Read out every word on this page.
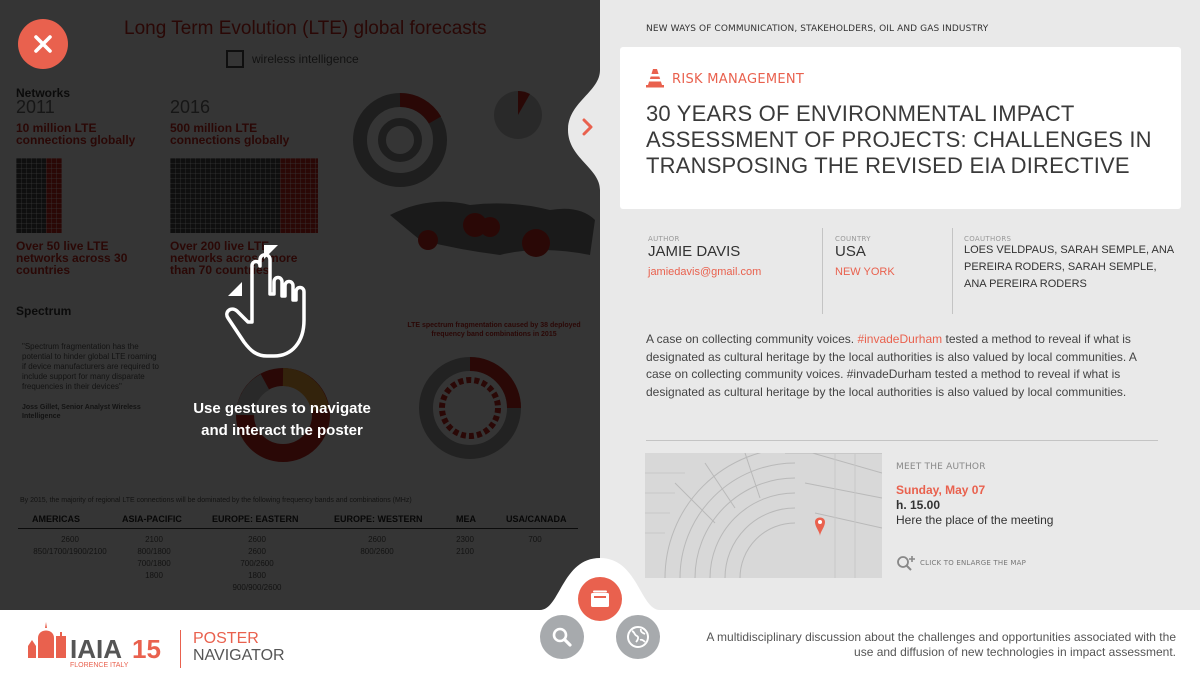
Use gestures to navigate
and interact the poster
NEW WAYS OF COMMUNICATION, STAKEHOLDERS, OIL AND GAS INDUSTRY
RISK MANAGEMENT
30 YEARS OF ENVIRONMENTAL IMPACT ASSESSMENT OF PROJECTS: CHALLENGES IN TRANSPOSING THE REVISED EIA DIRECTIVE
AUTHOR
JAMIE DAVIS
jamiedavis@gmail.com
COUNTRY
USA
NEW YORK
COAUTHORS
LOES VELDPAUS, SARAH SEMPLE, ANA PEREIRA RODERS, SARAH SEMPLE, ANA PEREIRA RODERS
A case on collecting community voices. #invadeDurham tested a method to reveal if what is designated as cultural heritage by the local authorities is also valued by local communities. A case on collecting community voices. #invadeDurham tested a method to reveal if what is designated as cultural heritage by the local authorities is also valued by local communities.
MEET THE AUTHOR
Sunday, May 07
h. 15.00
Here the place of the meeting
CLICK TO ENLARGE THE MAP
IAIA 15
FLORENCE ITALY
POSTER
NAVIGATOR
A multidisciplinary discussion about the challenges and opportunities associated with the use and diffusion of new technologies in impact assessment.
